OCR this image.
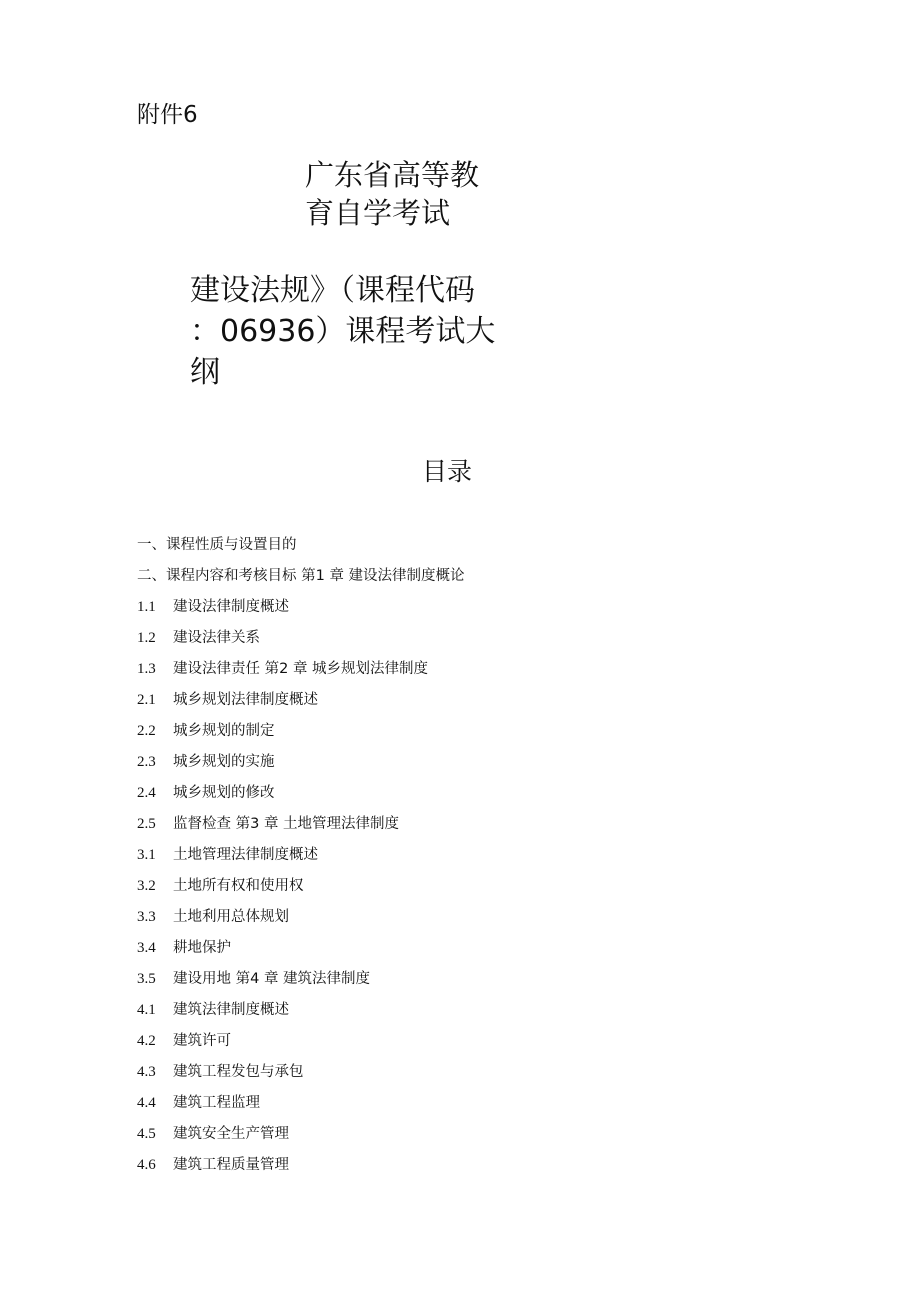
附件6
广东省高等教
育自学考试
建设法规》（课程代码
：06936）课程考试大
纲
目录
一、课程性质与设置目的
二、课程内容和考核目标 第1 章 建设法律制度概论
1.1 建设法律制度概述
1.2 建设法律关系
1.3 建设法律责任 第2 章 城乡规划法律制度
2.1 城乡规划法律制度概述
2.2 城乡规划的制定
2.3 城乡规划的实施
2.4 城乡规划的修改
2.5 监督检查 第3 章 土地管理法律制度
3.1 土地管理法律制度概述
3.2 土地所有权和使用权
3.3 土地利用总体规划
3.4 耕地保护
3.5 建设用地 第4 章 建筑法律制度
4.1 建筑法律制度概述
4.2 建筑许可
4.3 建筑工程发包与承包
4.4 建筑工程监理
4.5 建筑安全生产管理
4.6 建筑工程质量管理
